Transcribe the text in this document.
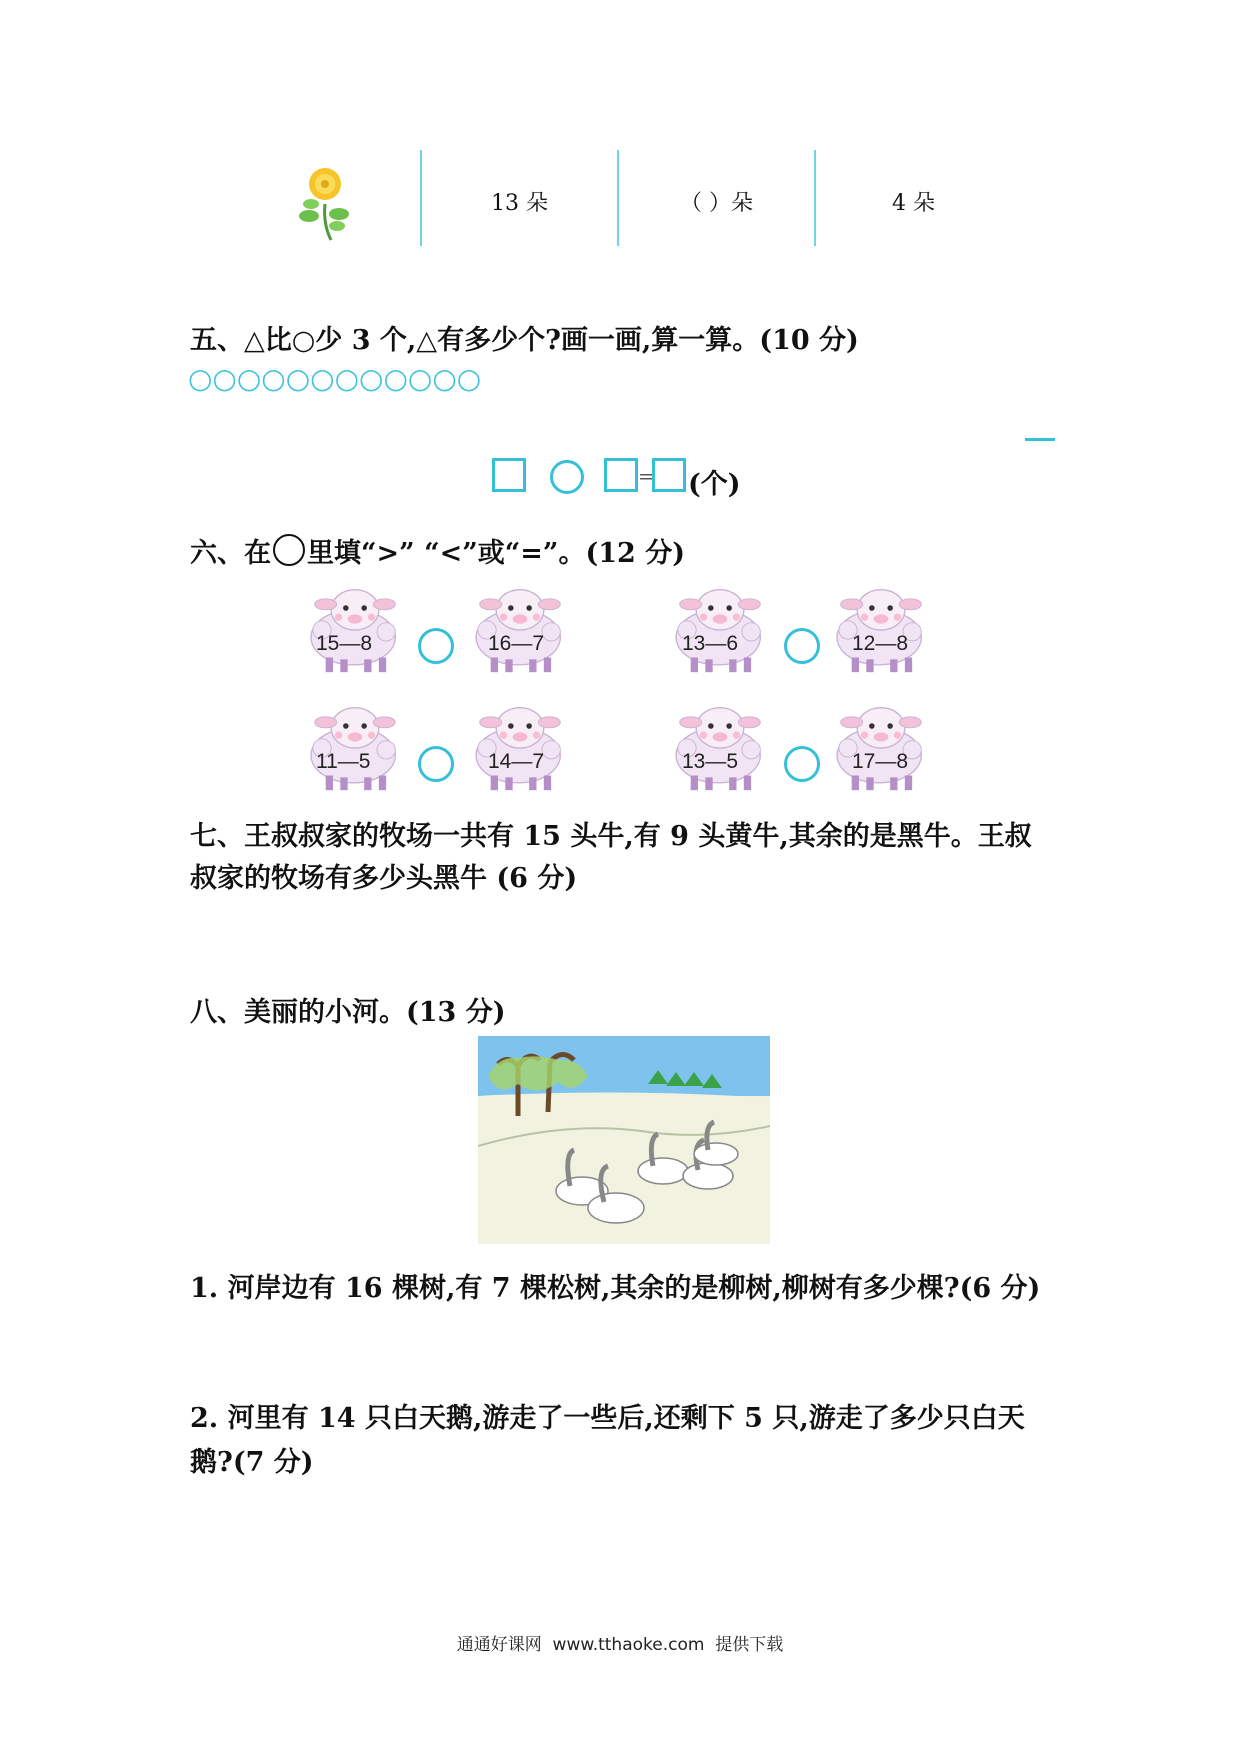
13 朵	（ ）朵	4 朵
五、△比○少 3 个,△有多少个?画一画,算一算。(10 分)
○○○○○○○○○○○○
= (个)
六、在 里填“>” “<”或“=”。(12 分)
15—8	16—7	13—6	12—8
11—5	14—7	13—5	17—8
七、王叔叔家的牧场一共有 15 头牛,有 9 头黄牛,其余的是黑牛。王叔
叔家的牧场有多少头黑牛 (6 分)
八、美丽的小河。(13 分)
1. 河岸边有 16 棵树,有 7 棵松树,其余的是柳树,柳树有多少棵?(6 分)
2. 河里有 14 只白天鹅,游走了一些后,还剩下 5 只,游走了多少只白天
鹅?(7 分)
通通好课网  www.tthaoke.com  提供下载
